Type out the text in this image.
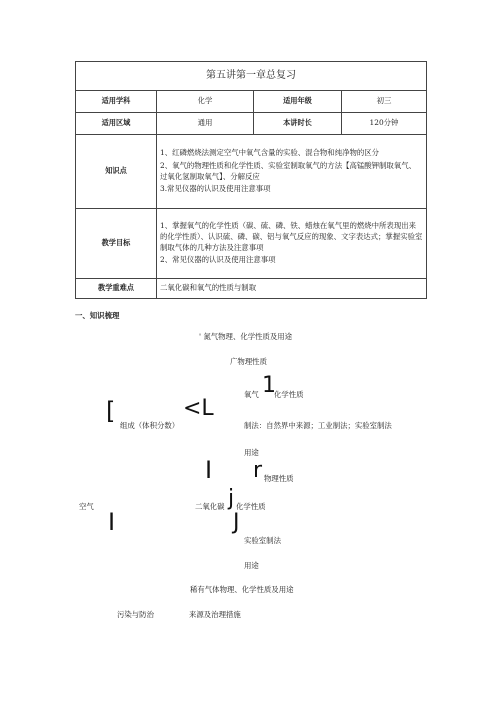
第五讲第一章总复习			
适用学科	化学	适用年级	初三
适用区域	通用	本讲时长	120分钟
知识点	1、红磷燃烧法测定空气中氧气含量的实验、混合物和纯净物的区分
2、氧气的物理性质和化学性质、实验室制取氧气的方法【高锰酸钾制取氧气、过氧化氢制取氧气】、分解反应
3.常见仪器的认识及使用注意事项		

教学目标	1、掌握氧气的化学性质（碳、硫、磷、铁、蜡烛在氧气里的燃烧中所表现出来的化学性质）、认识硫、磷、碳、铝与氧气反应的现象、文字表达式；掌握实验室制取气体的几种方法及注意事项
2、常见仪器的认识及使用注意事项		

教学重难点	二氧化碳和氧气的性质与制取		
一、知识梳理
' 氮气物理、化学性质及用途
广物理性质
氧气 1
化学性质
[	<L
组成（体积分数）	制法：自然界中来源；工业制法；实验室制法
用途
I r 物理性质
空气	二氧化碳 j 化学性质
I	J
实验室制法
用途
稀有气体物理、化学性质及用途
污染与防治	来源及治理措施
